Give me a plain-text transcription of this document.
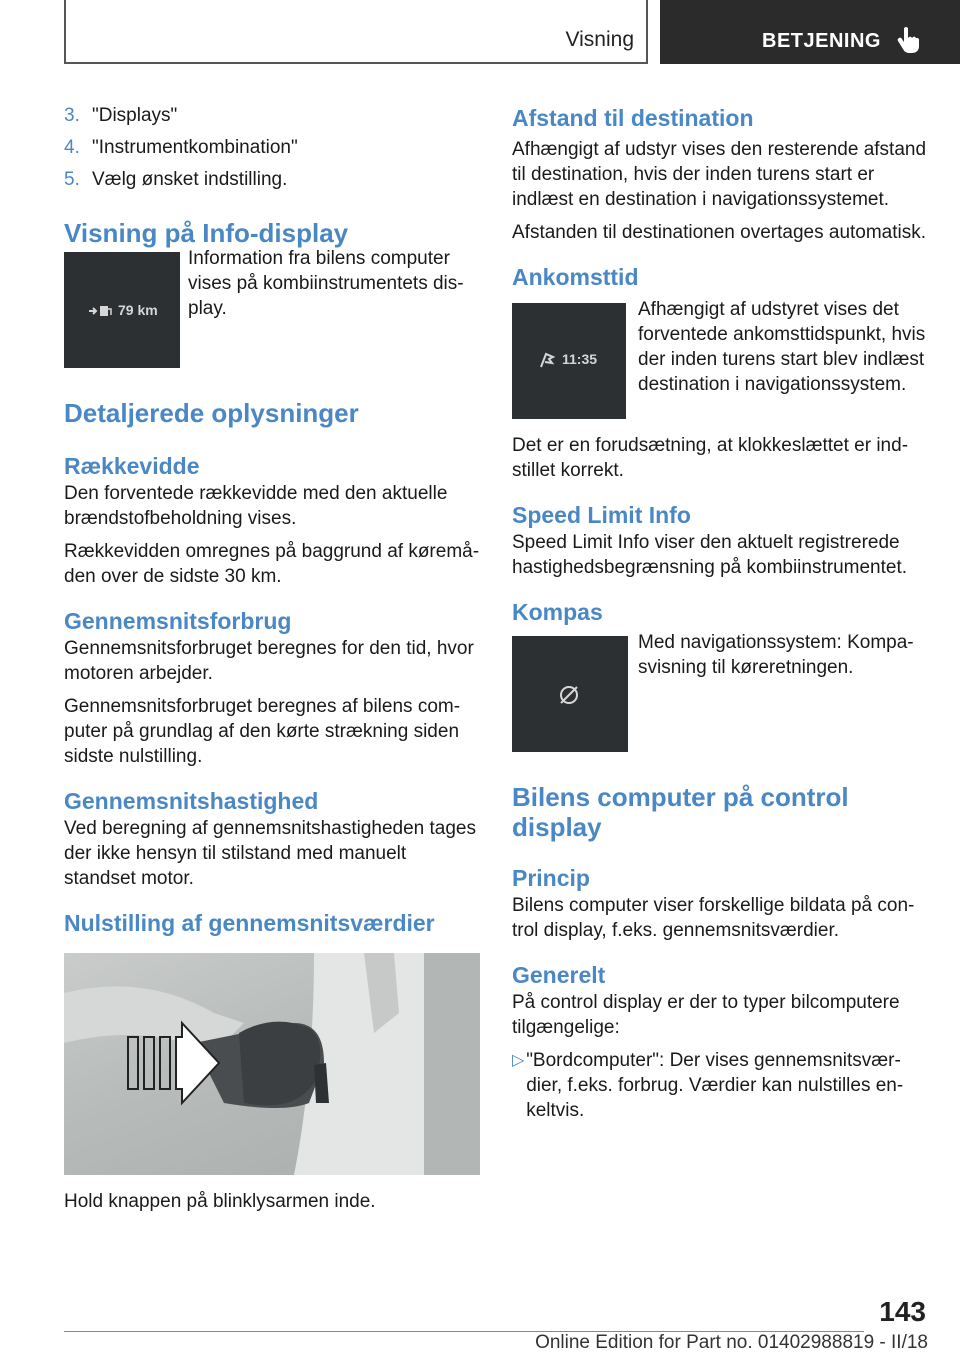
Visning	BETJENING
3. "Displays"
4. "Instrumentkombination"
5. Vælg ønsket indstilling.
Visning på Info-display
79 km

Information fra bilens computer vises på kombiinstrumentets display.

Detaljerede oplysninger
Rækkevidde

Den forventede rækkevidde med den aktuelle brændstofbeholdning vises.

Rækkevidden omregnes på baggrund af køremåden over de sidste 30 km.

Gennemsnitsforbrug

Gennemsnitsforbruget beregnes for den tid, hvor motoren arbejder.

Gennemsnitsforbruget beregnes af bilens computer på grundlag af den kørte strækning siden sidste nulstilling.

Gennemsnitshastighed

Ved beregning af gennemsnitshastigheden tages der ikke hensyn til stilstand med manuelt standset motor.

Nulstilling af gennemsnitsværdier

Hold knappen på blinklysarmen inde.

Afstand til destination

Afhængigt af udstyr vises den resterende afstand til destination, hvis der inden turens start er indlæst en destination i navigationssystemet.

Afstanden til destinationen overtages automatisk.

Ankomsttid
11:35

Afhængigt af udstyret vises det forventede ankomsttidspunkt, hvis der inden turens start blev indlæst destination i navigationssystem.

Det er en forudsætning, at klokkeslættet er indstillet korrekt.

Speed Limit Info

Speed Limit Info viser den aktuelt registrerede hastighedsbegrænsning på kombiinstrumentet.

Kompas

Med navigationssystem: Kompasvisning til køreretningen.

Bilens computer på control display
Princip

Bilens computer viser forskellige bildata på control display, f.eks. gennemsnitsværdier.

Generelt

På control display er der to typer bilcomputere tilgængelige:

▷ "Bordcomputer": Der vises gennemsnitsværdier, f.eks. forbrug. Værdier kan nulstilles enkeltvis.
143
Online Edition for Part no. 01402988819 - II/18
